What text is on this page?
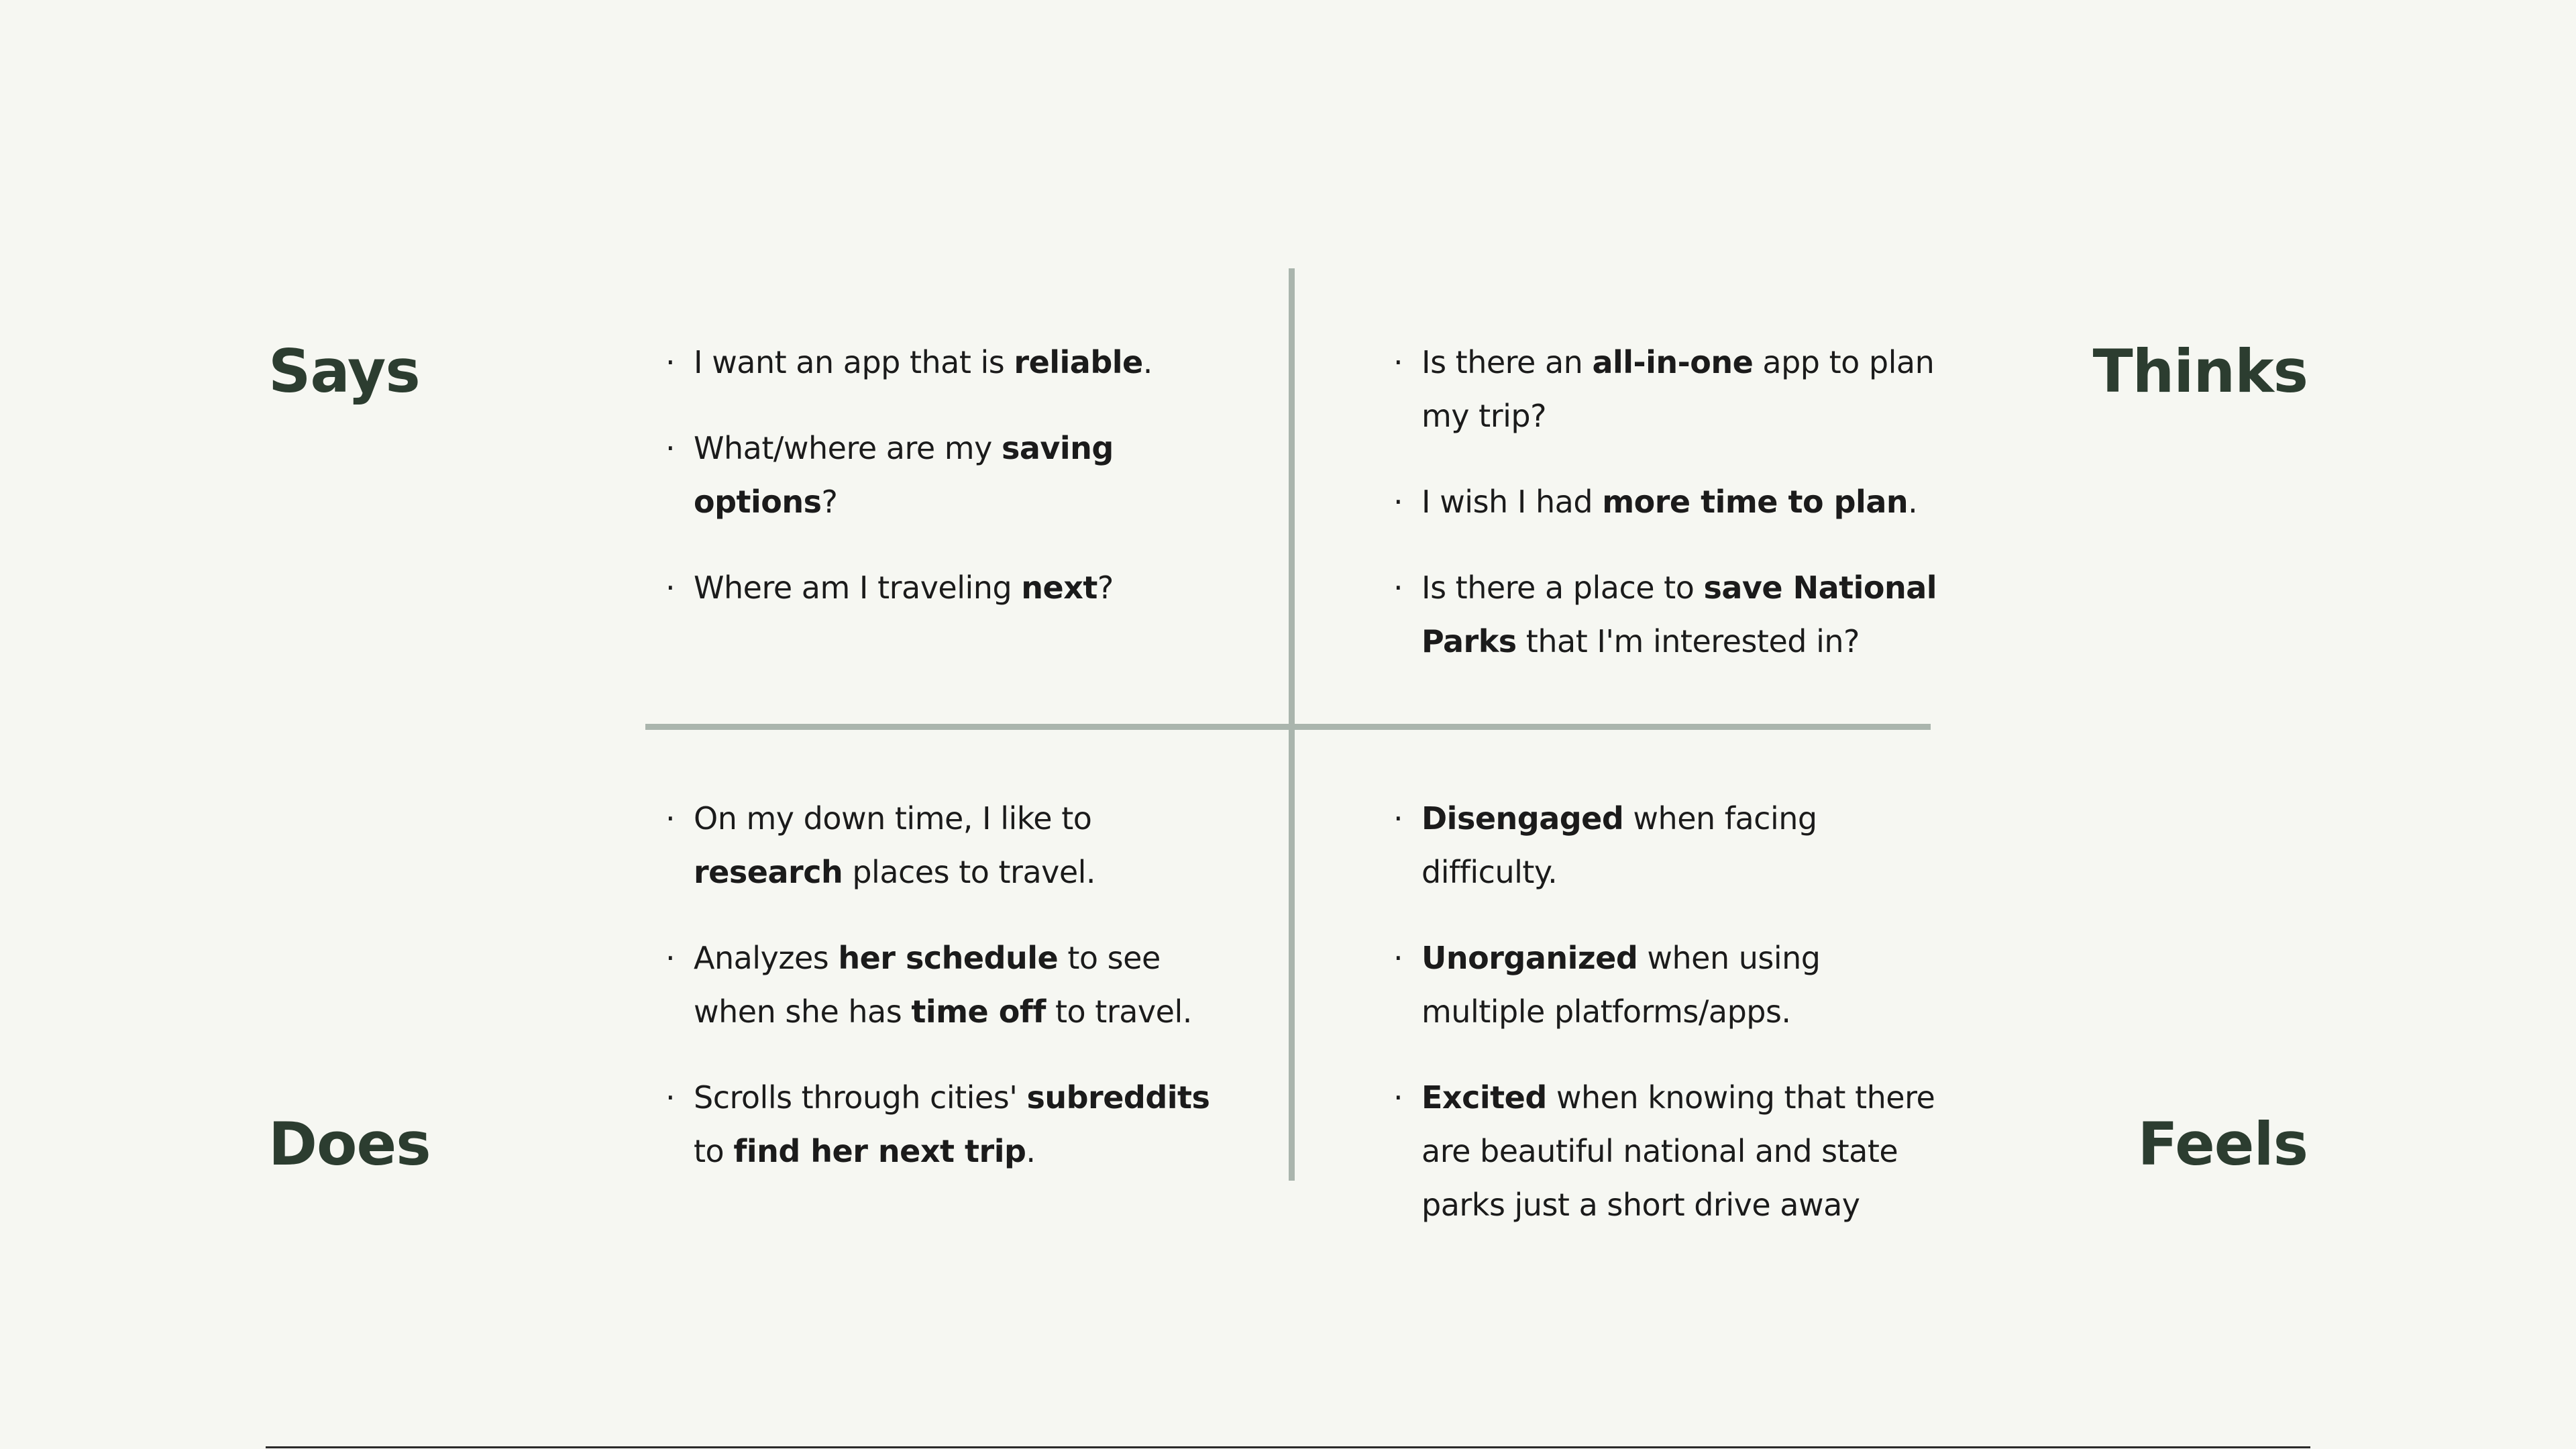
Says	Thinks
Does	Feels
· I want an app that is reliable.
· What/where are my saving options?
· Where am I traveling next?
· Is there an all-in-one app to plan my trip?
· I wish I had more time to plan.
· Is there a place to save National Parks that I'm interested in?
· On my down time, I like to research places to travel.
· Analyzes her schedule to see when she has time off to travel.
· Scrolls through cities' subreddits to find her next trip.
· Disengaged when facing difficulty.
· Unorganized when using multiple platforms/apps.
· Excited when knowing that there are beautiful national and state parks just a short drive away
